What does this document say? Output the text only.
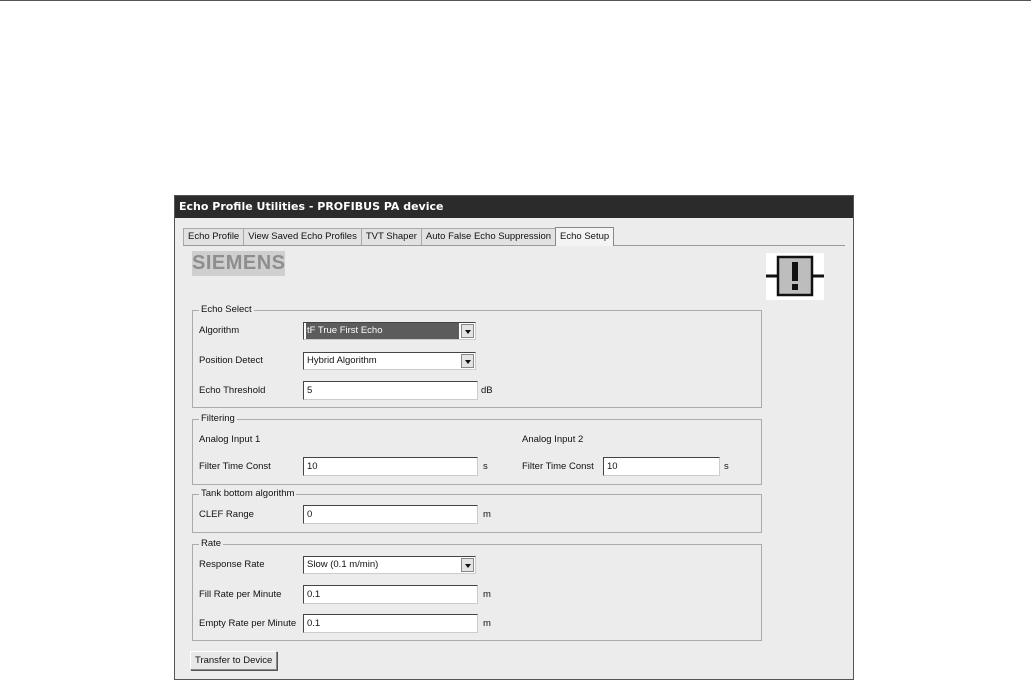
Echo Profile Utilities - PROFIBUS PA device
Echo Profile View Saved Echo Profiles TVT Shaper Auto False Echo Suppression Echo Setup
SIEMENS
Echo Select
Algorithm	tF True First Echo
Position Detect	Hybrid Algorithm
Echo Threshold	5	dB
Filtering
Analog Input 1	Analog Input 2
Filter Time Const	10	s	Filter Time Const	10	s
Tank bottom algorithm
CLEF Range	0	m
Rate
Response Rate	Slow (0.1 m/min)
Fill Rate per Minute	0.1	m
Empty Rate per Minute	0.1	m
Transfer to Device
